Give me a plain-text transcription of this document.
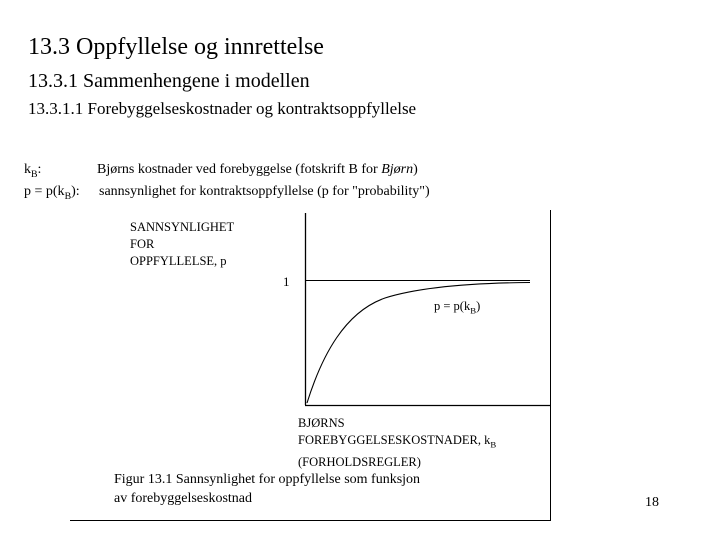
13.3 Oppfyllelse og innrettelse
13.3.1 Sammenhengene i modellen
13.3.1.1 Forebyggelseskostnader og kontraktsoppfyllelse
$k_B$:	Bjørns kostnader ved forebyggelse (fotskrift B for Bjørn)
$p = p(k_B)$: sannsynlighet for kontraktsoppfyllelse (p for "probability")
SANNSYNLIGHET
FOR
OPPFYLLELSE, p
1
$p = p(k_B)$
BJØRNS
FOREBYGGELSESKOSTNADER, $k_B$
(FORHOLDSREGLER)
Figur 13.1 Sannsynlighet for oppfyllelse som funksjon
av forebyggelseskostnad	18
